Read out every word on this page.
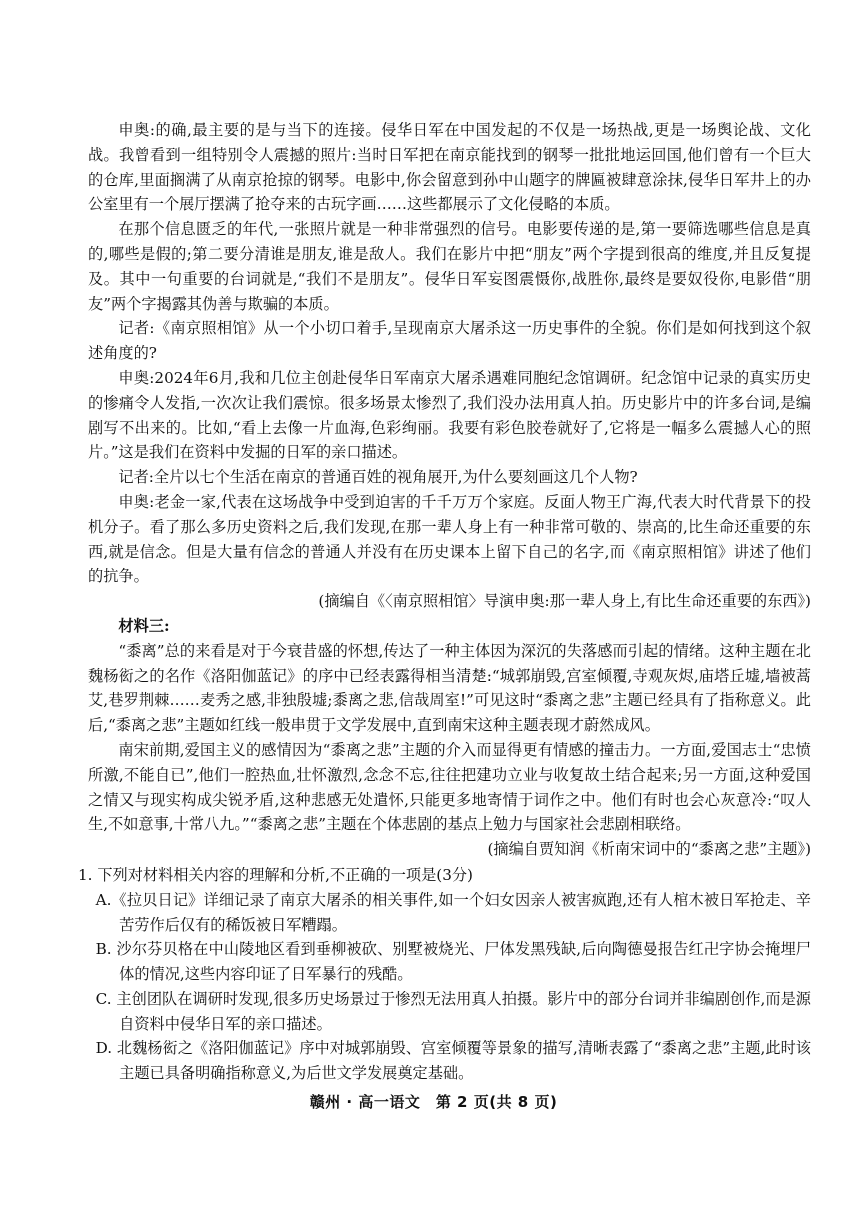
申奥:的确,最主要的是与当下的连接。侵华日军在中国发起的不仅是一场热战,更是一场舆论战、文化战。我曾看到一组特别令人震撼的照片:当时日军把在南京能找到的钢琴一批批地运回国,他们曾有一个巨大的仓库,里面搁满了从南京抢掠的钢琴。电影中,你会留意到孙中山题字的牌匾被肆意涂抹,侵华日军井上的办公室里有一个展厅摆满了抢夺来的古玩字画……这些都展示了文化侵略的本质。

在那个信息匮乏的年代,一张照片就是一种非常强烈的信号。电影要传递的是,第一要筛选哪些信息是真的,哪些是假的;第二要分清谁是朋友,谁是敌人。我们在影片中把“朋友”两个字提到很高的维度,并且反复提及。其中一句重要的台词就是,“我们不是朋友”。侵华日军妄图震慑你,战胜你,最终是要奴役你,电影借“朋友”两个字揭露其伪善与欺骗的本质。

记者:《南京照相馆》从一个小切口着手,呈现南京大屠杀这一历史事件的全貌。你们是如何找到这个叙述角度的?

申奥:2024年6月,我和几位主创赴侵华日军南京大屠杀遇难同胞纪念馆调研。纪念馆中记录的真实历史的惨痛令人发指,一次次让我们震惊。很多场景太惨烈了,我们没办法用真人拍。历史影片中的许多台词,是编剧写不出来的。比如,“看上去像一片血海,色彩绚丽。我要有彩色胶卷就好了,它将是一幅多么震撼人心的照片。”这是我们在资料中发掘的日军的亲口描述。

记者:全片以七个生活在南京的普通百姓的视角展开,为什么要刻画这几个人物?

申奥:老金一家,代表在这场战争中受到迫害的千千万万个家庭。反面人物王广海,代表大时代背景下的投机分子。看了那么多历史资料之后,我们发现,在那一辈人身上有一种非常可敬的、崇高的,比生命还重要的东西,就是信念。但是大量有信念的普通人并没有在历史课本上留下自己的名字,而《南京照相馆》讲述了他们的抗争。

(摘编自《〈南京照相馆〉导演申奥:那一辈人身上,有比生命还重要的东西》)

材料三:

“黍离”总的来看是对于今衰昔盛的怀想,传达了一种主体因为深沉的失落感而引起的情绪。这种主题在北魏杨衒之的名作《洛阳伽蓝记》的序中已经表露得相当清楚:“城郭崩毁,宫室倾覆,寺观灰烬,庙塔丘墟,墙被蒿艾,巷罗荆棘……麦秀之感,非独殷墟;黍离之悲,信哉周室!”可见这时“黍离之悲”主题已经具有了指称意义。此后,“黍离之悲”主题如红线一般串贯于文学发展中,直到南宋这种主题表现才蔚然成风。

南宋前期,爱国主义的感情因为“黍离之悲”主题的介入而显得更有情感的撞击力。一方面,爱国志士“忠愤所激,不能自已”,他们一腔热血,壮怀激烈,念念不忘,往往把建功立业与收复故土结合起来;另一方面,这种爱国之情又与现实构成尖锐矛盾,这种悲感无处遣怀,只能更多地寄情于词作之中。他们有时也会心灰意冷:“叹人生,不如意事,十常八九。”“黍离之悲”主题在个体悲剧的基点上勉力与国家社会悲剧相联络。

(摘编自贾知润《析南宋词中的“黍离之悲”主题》)

1. 下列对材料相关内容的理解和分析,不正确的一项是(3分)

A.《拉贝日记》详细记录了南京大屠杀的相关事件,如一个妇女因亲人被害疯跑,还有人棺木被日军抢走、辛苦劳作后仅有的稀饭被日军糟蹋。

B. 沙尔芬贝格在中山陵地区看到垂柳被砍、别墅被烧光、尸体发黑残缺,后向陶德曼报告红卍字协会掩埋尸体的情况,这些内容印证了日军暴行的残酷。

C. 主创团队在调研时发现,很多历史场景过于惨烈无法用真人拍摄。影片中的部分台词并非编剧创作,而是源自资料中侵华日军的亲口描述。

D. 北魏杨衒之《洛阳伽蓝记》序中对城郭崩毁、宫室倾覆等景象的描写,清晰表露了“黍离之悲”主题,此时该主题已具备明确指称意义,为后世文学发展奠定基础。

赣州 · 高一语文　第 2 页(共 8 页)
